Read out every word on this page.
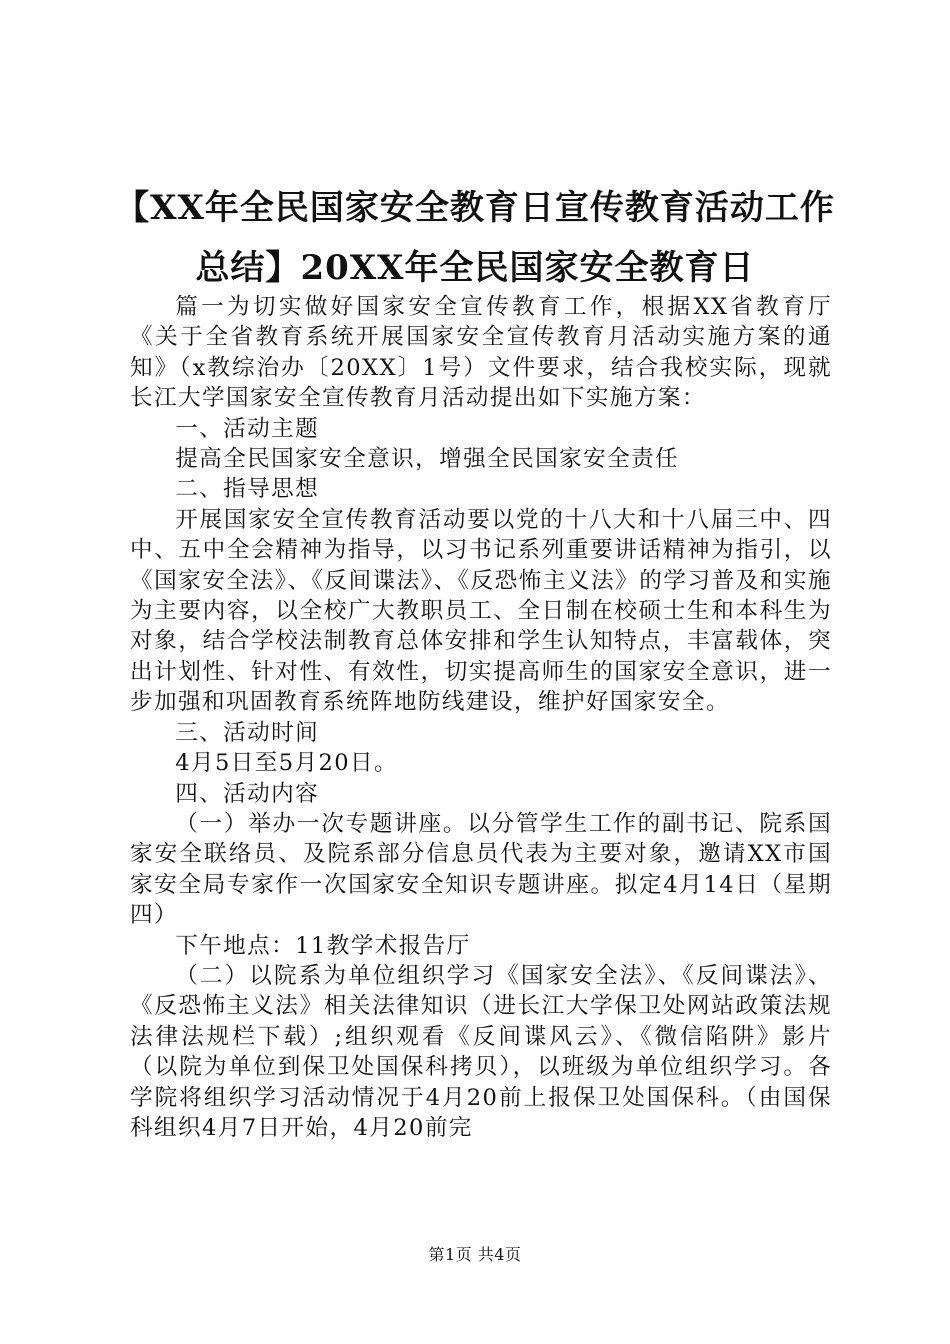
【XX年全民国家安全教育日宣传教育活动工作总结】20XX年全民国家安全教育日

篇一为切实做好国家安全宣传教育工作，根据XX省教育厅《关于全省教育系统开展国家安全宣传教育月活动实施方案的通知》（x教综治办〔20XX〕1号）文件要求，结合我校实际，现就长江大学国家安全宣传教育月活动提出如下实施方案：

一、活动主题

提高全民国家安全意识，增强全民国家安全责任

二、指导思想

开展国家安全宣传教育活动要以党的十八大和十八届三中、四中、五中全会精神为指导，以习书记系列重要讲话精神为指引，以《国家安全法》、《反间谍法》、《反恐怖主义法》的学习普及和实施为主要内容，以全校广大教职员工、全日制在校硕士生和本科生为对象，结合学校法制教育总体安排和学生认知特点，丰富载体，突出计划性、针对性、有效性，切实提高师生的国家安全意识，进一步加强和巩固教育系统阵地防线建设，维护好国家安全。

三、活动时间

4月5日至5月20日。

四、活动内容

（一）举办一次专题讲座。以分管学生工作的副书记、院系国家安全联络员、及院系部分信息员代表为主要对象，邀请XX市国家安全局专家作一次国家安全知识专题讲座。拟定4月14日（星期四）

下午地点：11教学术报告厅

（二）以院系为单位组织学习《国家安全法》、《反间谍法》、《反恐怖主义法》相关法律知识（进长江大学保卫处网站政策法规法律法规栏下载）;组织观看《反间谍风云》、《微信陷阱》影片（以院为单位到保卫处国保科拷贝），以班级为单位组织学习。各学院将组织学习活动情况于4月20前上报保卫处国保科。（由国保科组织4月7日开始，4月20前完

第1页 共4页
